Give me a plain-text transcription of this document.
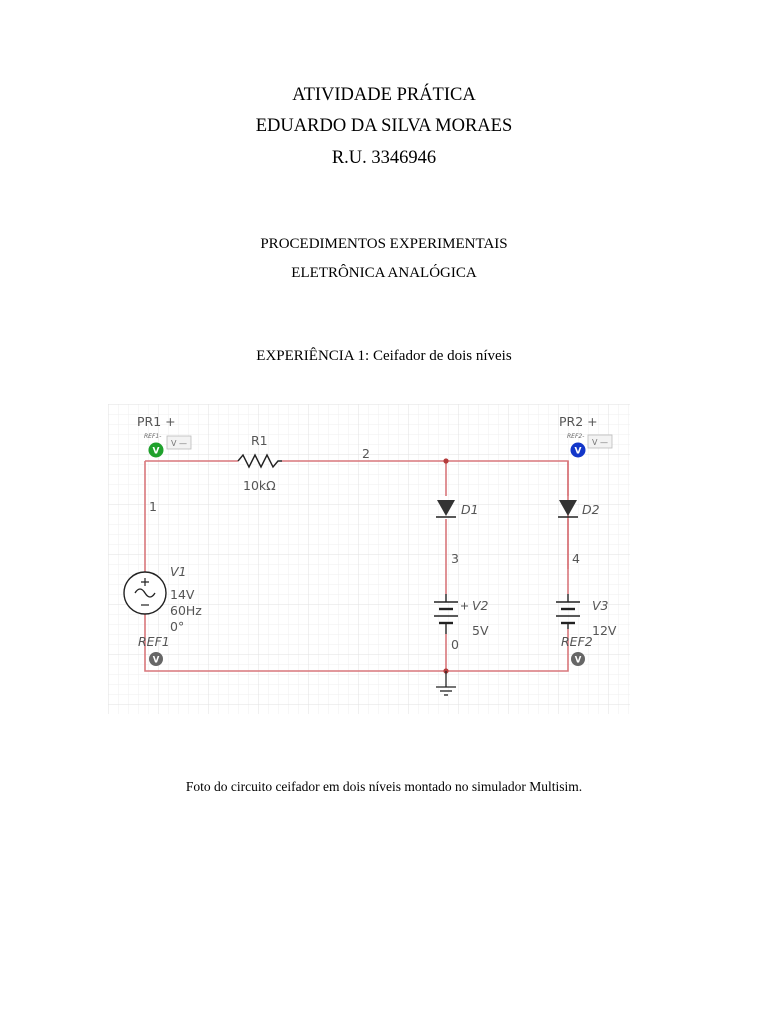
ATIVIDADE PRÁTICA
EDUARDO DA SILVA MORAES
R.U. 3346946
PROCEDIMENTOS EXPERIMENTAIS
ELETRÔNICA ANALÓGICA
EXPERIÊNCIA 1: Ceifador de dois níveis
R1
10kΩ
V1
14V
60Hz
0°
D1	D2
V2
5V
V3
12V
2
1
3	4
0
PR1 +
REF1-
V
V —
PR2 +
REF2-
V
V —
REF1
V
REF2
V
Foto do circuito ceifador em dois níveis montado no simulador Multisim.
